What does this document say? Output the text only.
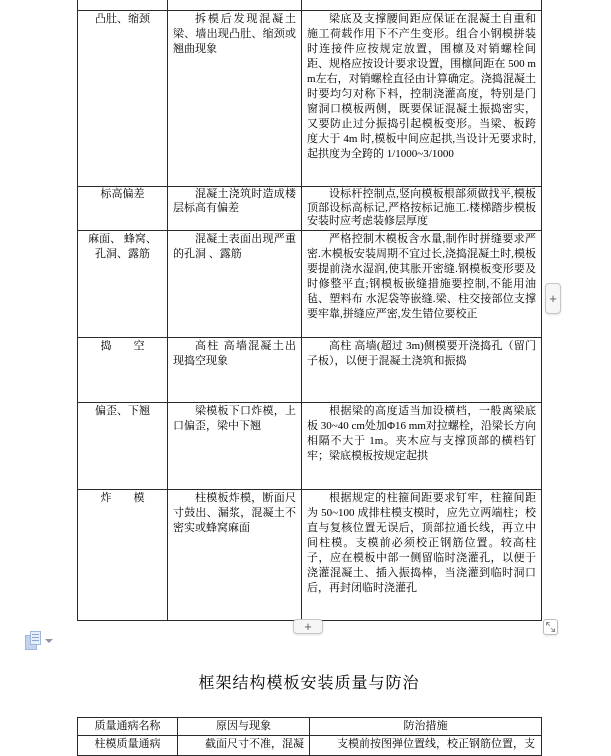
凸肚、缩颈	拆模后发现混凝土梁、墙出现凸肚、缩颈或翘曲现象	梁底及支撑腰间距应保证在混凝土自重和施工荷载作用下不产生变形。组合小钢模拼装时连接件应按规定放置，围檩及对销螺栓间距、规格应按设计要求设置，围檩间距在 500 mm左右，对销螺栓直径由计算确定。浇捣混凝土时要均匀对称下料，控制浇灌高度，特别是门窗洞口模板两侧，既要保证混凝土振捣密实，又要防止过分振捣引起模板变形。当梁、板跨度大于 4m 时,模板中间应起拱,当设计无要求时,起拱度为全跨的 1/1000~3/1000

标高偏差	混凝土浇筑时造成楼层标高有偏差	设标杆控制点,竖向模板根部须做找平,模板顶部设标高标记,严格按标记施工.楼梯踏步模板安装时应考虑装修层厚度

麻面、 蜂窝、 孔洞、露筋	混凝土表面出现严重的孔洞 、露筋	严格控制木模板含水量,制作时拼缝要求严密.木模板安装周期不宜过长,浇捣混凝土时,模板要提前浇水湿润,使其胀开密缝.钢模板变形要及时修整平直;钢模板嵌缝措施要控制,不能用油毡、塑料布 水泥袋等嵌缝.梁、柱交接部位支撑要牢靠,拼缝应严密,发生错位要校正

捣　　空	高柱 高墙混凝土出现捣空现象	高柱 高墙(超过 3m)侧模要开浇捣孔（留门子板），以便于混凝土浇筑和振捣

偏歪、下翘	梁模板下口炸模，上口偏歪，梁中下翘	根据梁的高度适当加设横档，一般离梁底板 30~40 cm处加Φ16 mm对拉螺栓，沿梁长方向相隔不大于 1m。夹木应与支撑顶部的横档钉牢；梁底模板按规定起拱

炸　　模	柱模板炸模，断面尺寸鼓出、漏浆，混凝土不密实或蜂窝麻面	根据规定的柱箍间距要求钉牢，柱箍间距为 50~100 成排柱模支模时，应先立两端柱；校直与复核位置无误后，顶部拉通长线，再立中间柱模。支模前必须校正钢筋位置。较高柱子，应在模板中部一侧留临时浇灌孔，以便于浇灌混凝土、插入振捣棒，当浇灌到临时洞口后，再封闭临时浇灌孔

+
+
框架结构模板安装质量与防治
质量通病名称	原因与现象	防治措施

柱模质量通病	截面尺寸不准，混凝	支模前按图弹位置线，校正钢筋位置，支
